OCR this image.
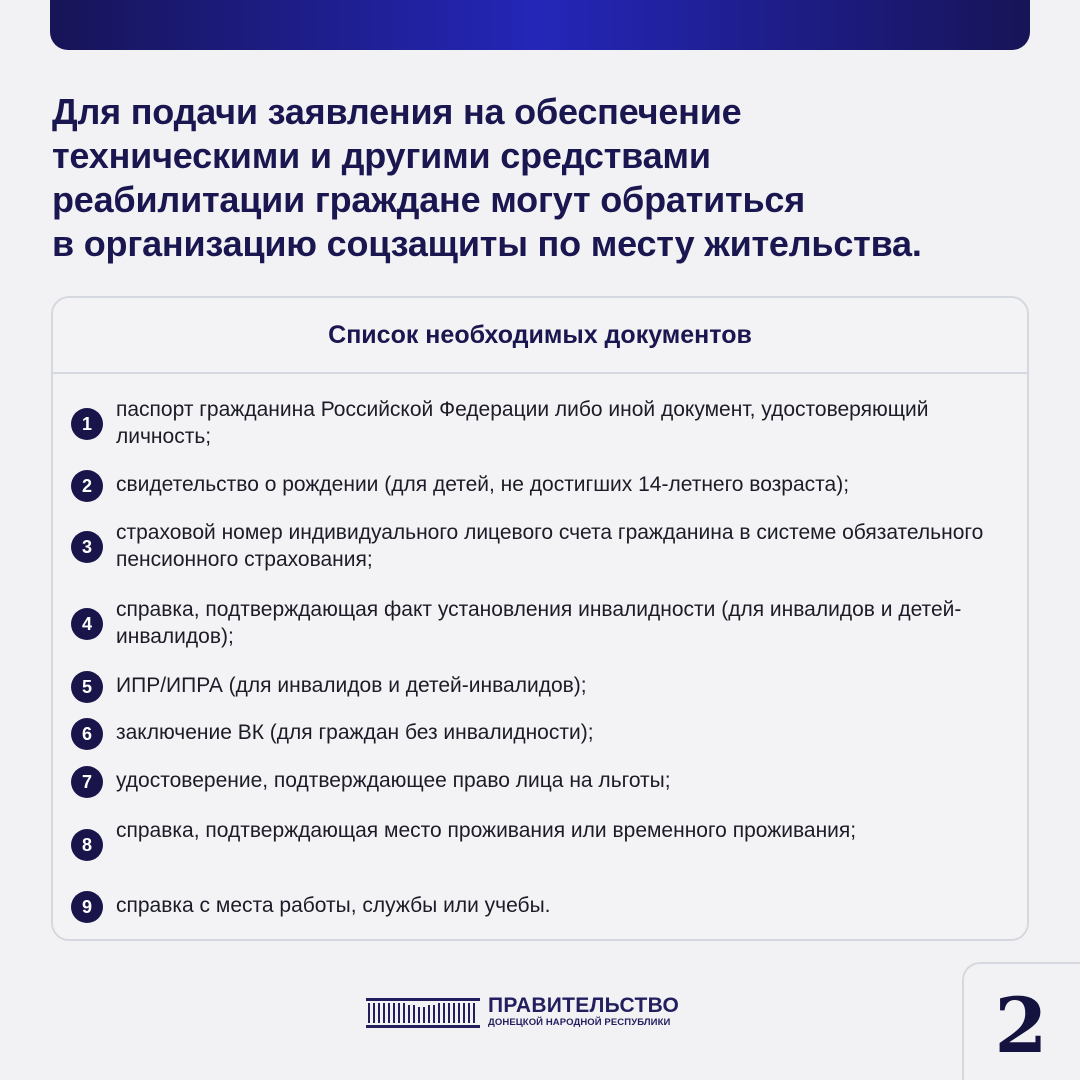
Для подачи заявления на обеспечение
техническими и другими средствами
реабилитации граждане могут обратиться
в организацию соцзащиты по месту жительства.
Список необходимых документов
1
паспорт гражданина Российской Федерации либо иной документ, удостоверяющий личность;
2	свидетельство о рождении (для детей, не достигших 14-летнего возраста);
3
страховой номер индивидуального лицевого счета гражданина в системе обязательного пенсионного страхования;
4
справка, подтверждающая факт установления инвалидности (для инвалидов и детей-инвалидов);
5	ИПР/ИПРА (для инвалидов и детей-инвалидов);
6	заключение ВК (для граждан без инвалидности);
7	удостоверение, подтверждающее право лица на льготы;
8
справка, подтверждающая место проживания или временного проживания;
9	справка с места работы, службы или учебы.
ПРАВИТЕЛЬСТВО
ДОНЕЦКОЙ НАРОДНОЙ РЕСПУБЛИКИ	2
